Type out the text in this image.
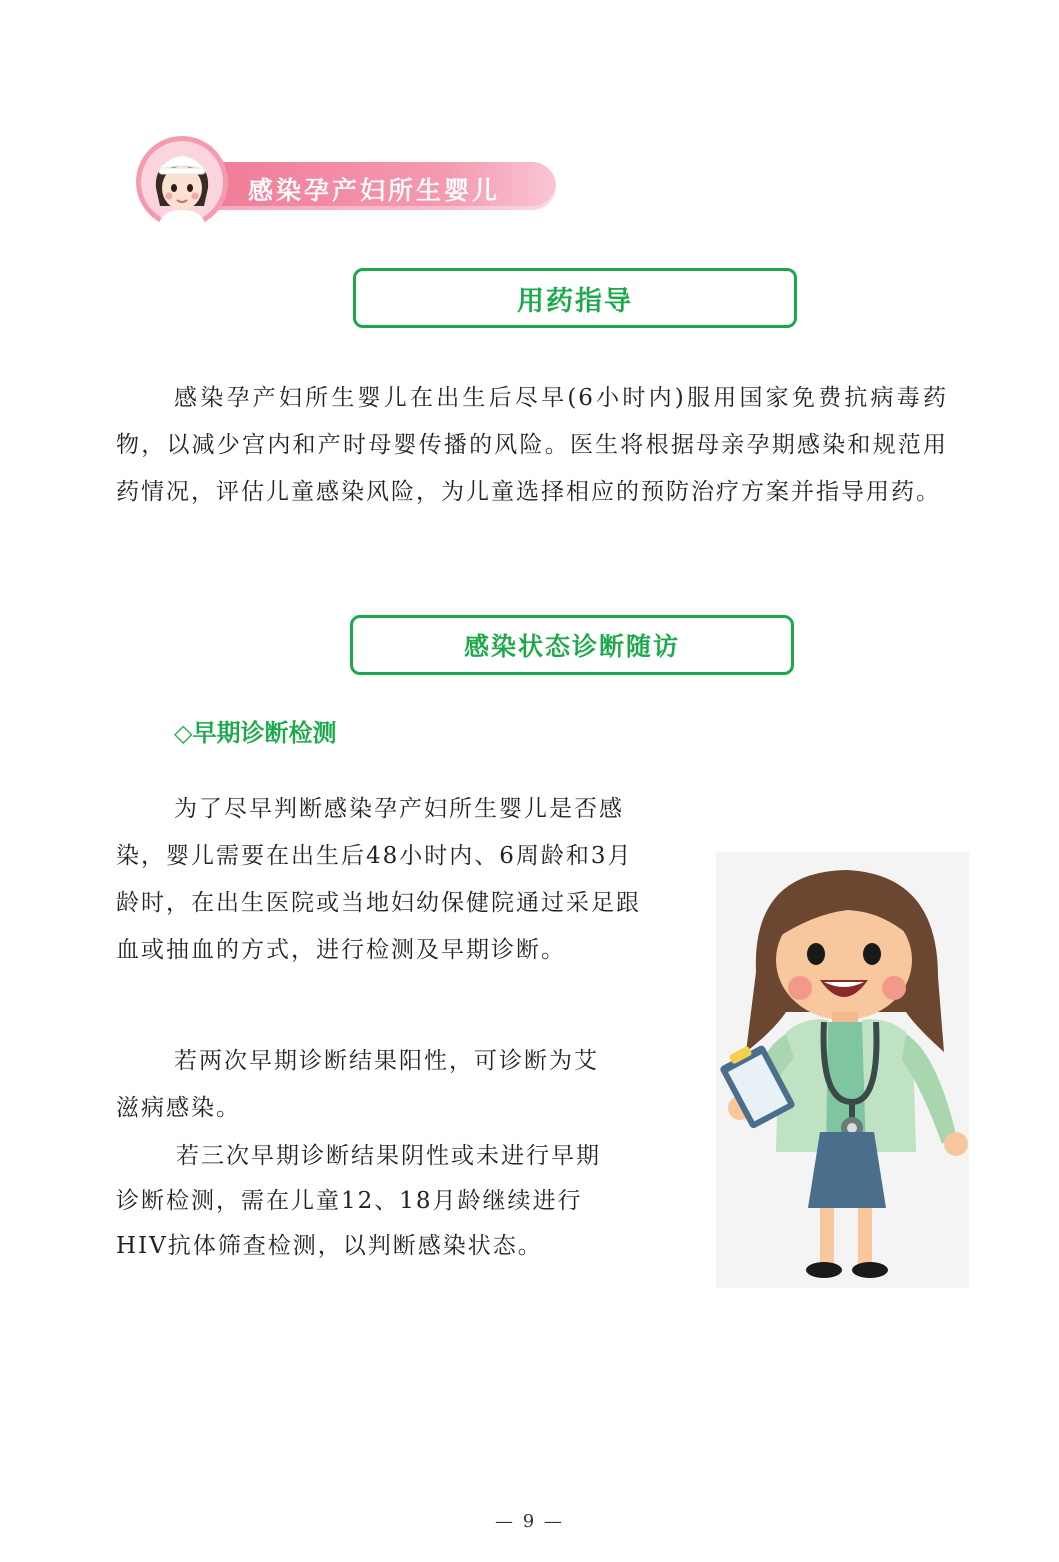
感染孕产妇所生婴儿
用药指导

感染孕产妇所生婴儿在出生后尽早(6小时内)服用国家免费抗病毒药物，以减少宫内和产时母婴传播的风险。医生将根据母亲孕期感染和规范用药情况，评估儿童感染风险，为儿童选择相应的预防治疗方案并指导用药。

感染状态诊断随访
◇早期诊断检测

为了尽早判断感染孕产妇所生婴儿是否感染，婴儿需要在出生后48小时内、6周龄和3月龄时，在出生医院或当地妇幼保健院通过采足跟血或抽血的方式，进行检测及早期诊断。

若两次早期诊断结果阳性，可诊断为艾滋病感染。

若三次早期诊断结果阴性或未进行早期诊断检测，需在儿童12、18月龄继续进行HIV抗体筛查检测，以判断感染状态。

— 9 —
